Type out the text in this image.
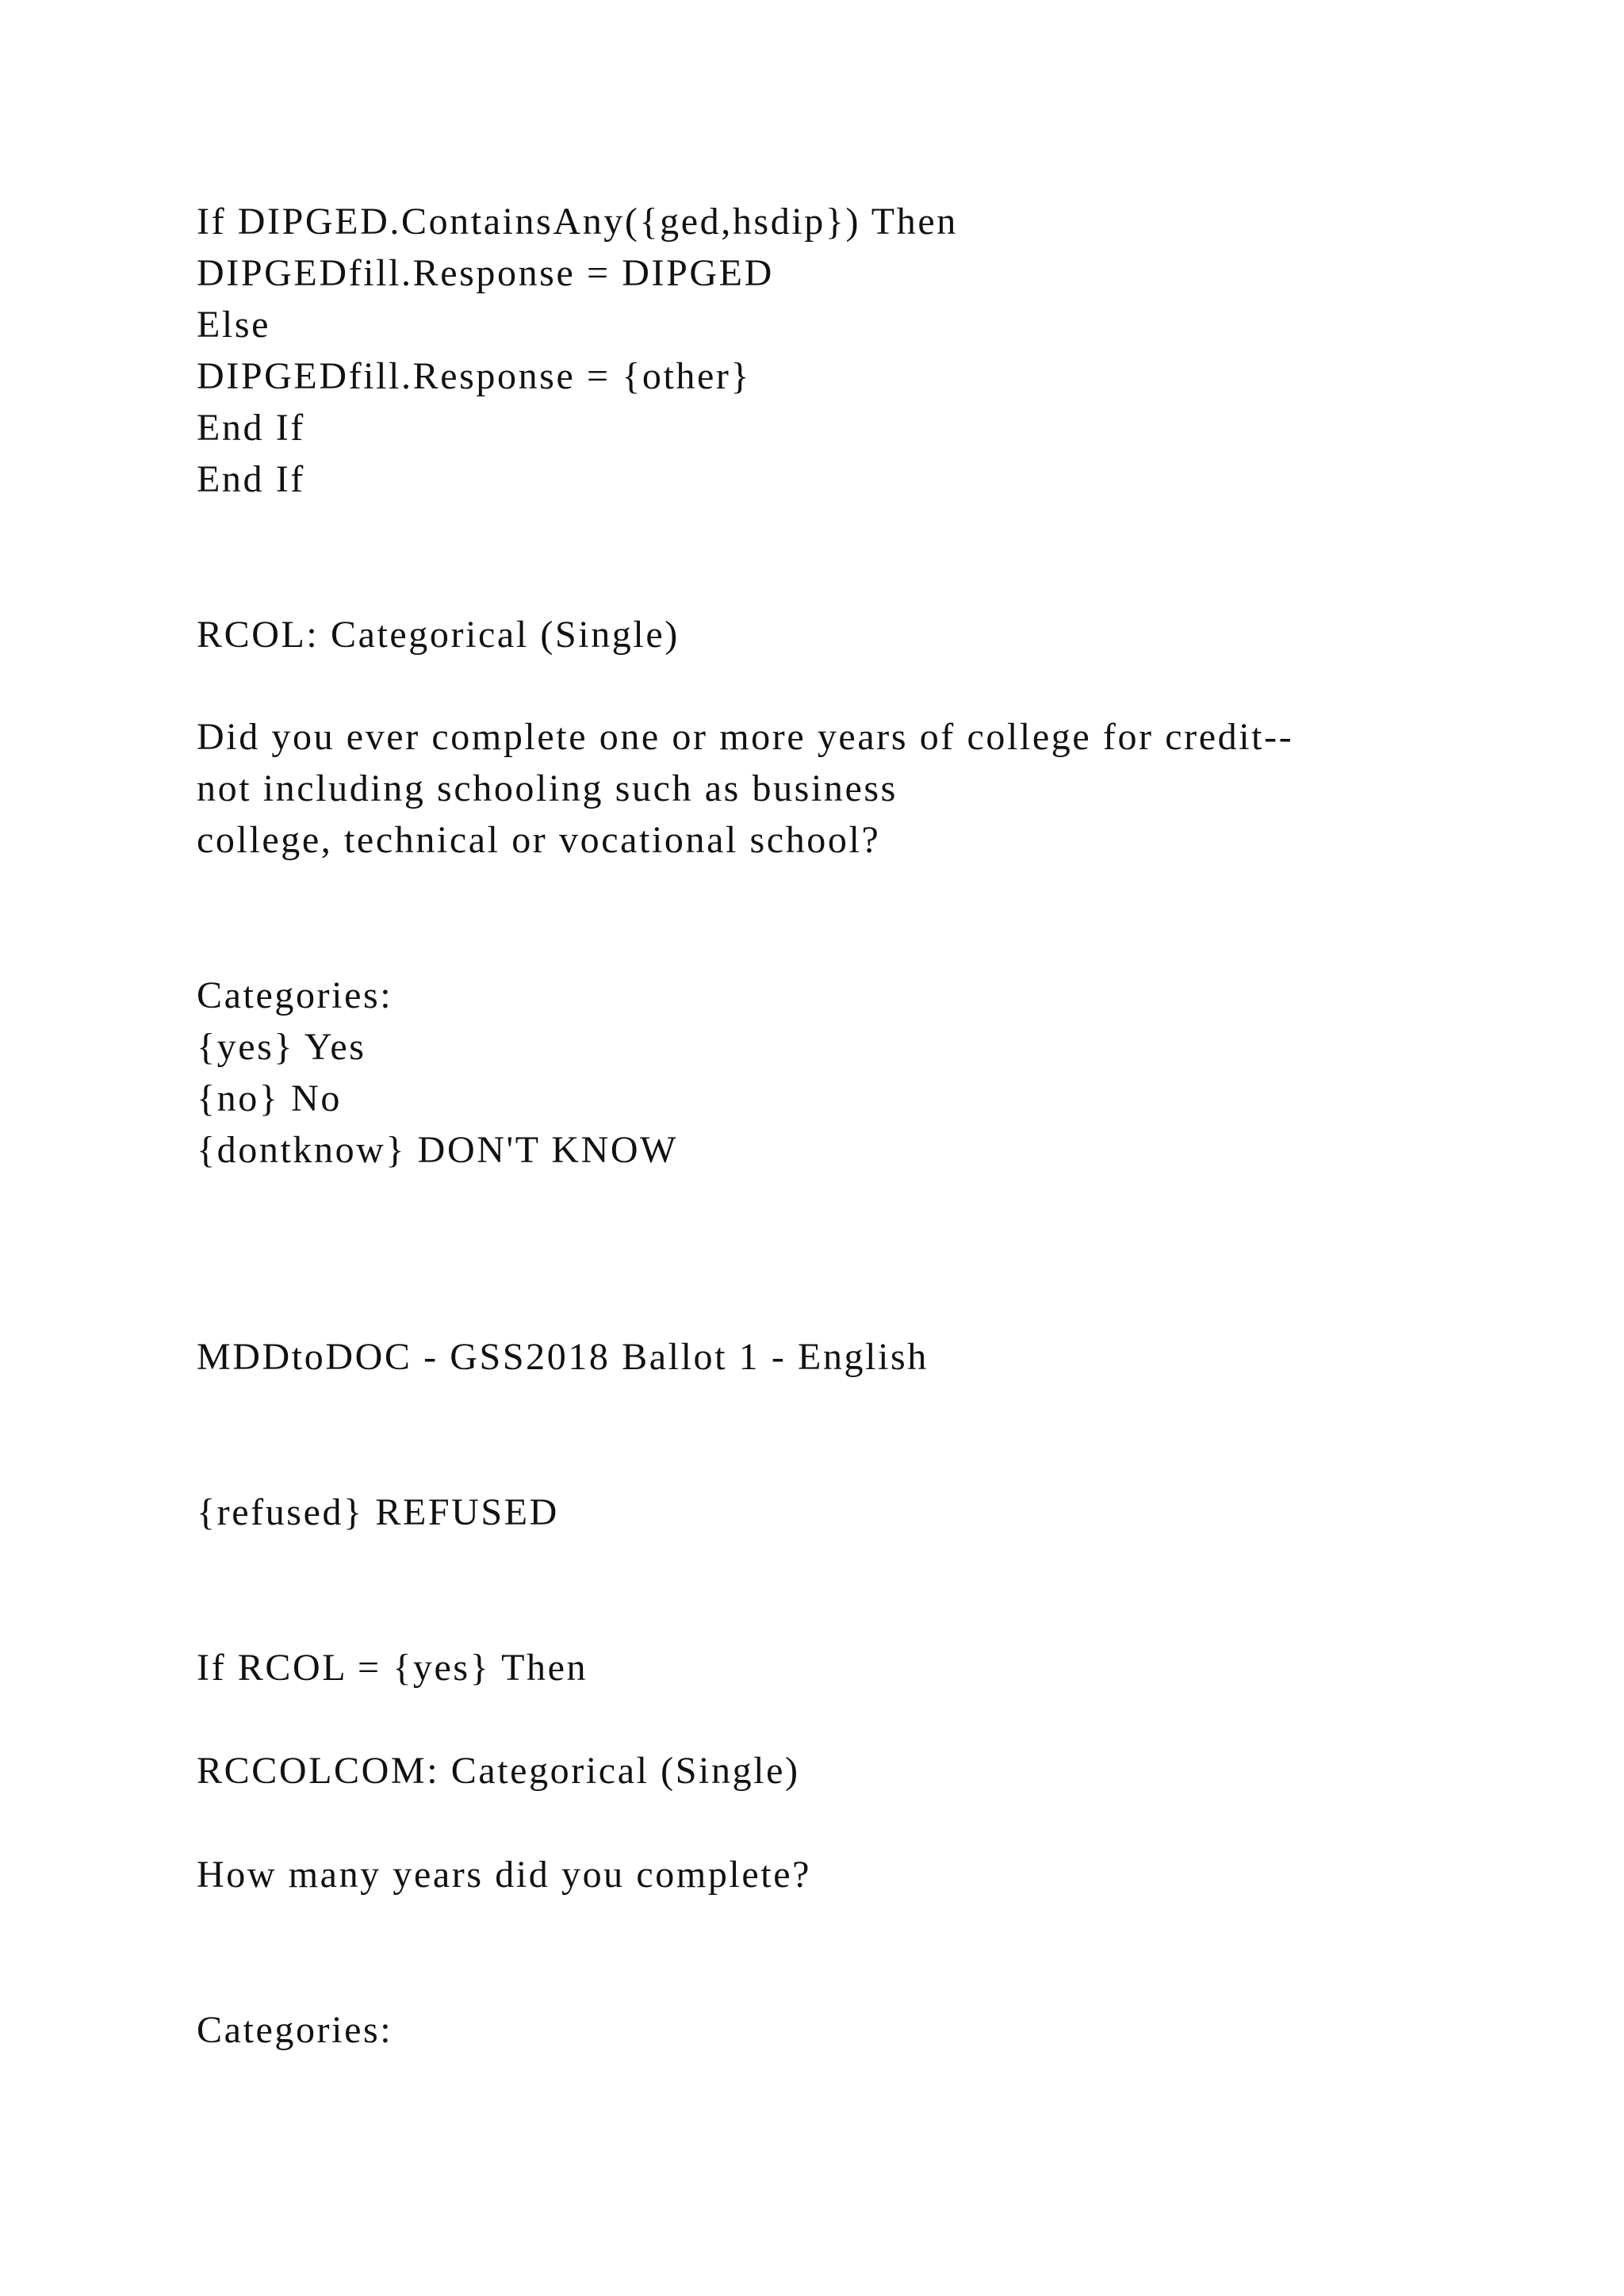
If DIPGED.ContainsAny({ged,hsdip}) Then
DIPGEDfill.Response = DIPGED
Else
DIPGEDfill.Response = {other}
End If
End If
RCOL: Categorical (Single)
Did you ever complete one or more years of college for credit--
not including schooling such as business
college, technical or vocational school?
Categories:
{yes} Yes
{no} No
{dontknow} DON'T KNOW
MDDtoDOC - GSS2018 Ballot 1 - English
{refused} REFUSED
If RCOL = {yes} Then
RCCOLCOM: Categorical (Single)
How many years did you complete?
Categories:
